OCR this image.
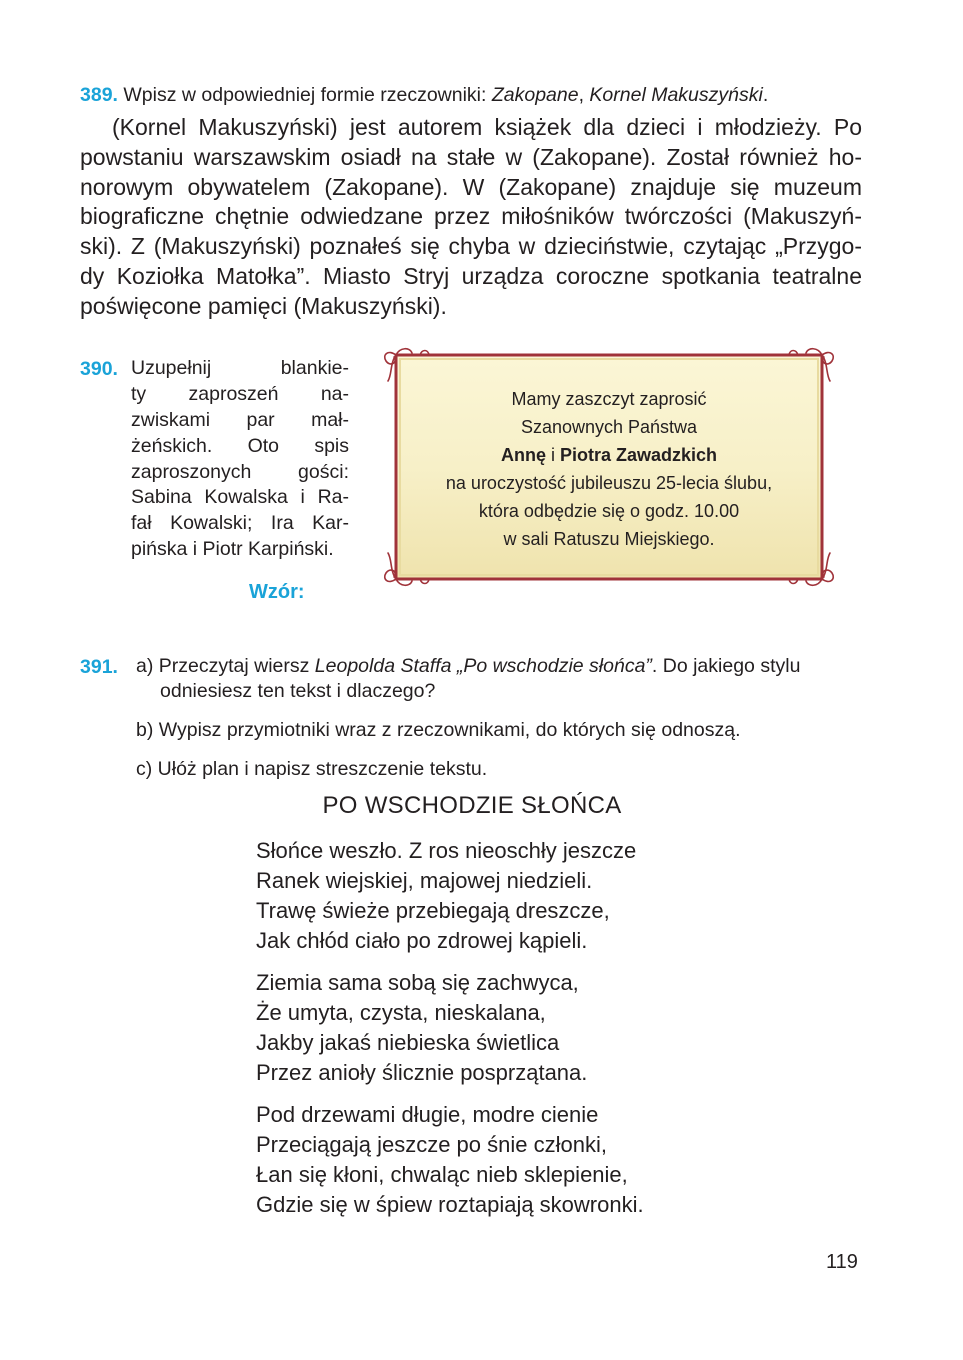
389. Wpisz w odpowiedniej formie rzeczowniki: Zakopane, Kornel Makuszyński.
(Kornel Makuszyński) jest autorem książek dla dzieci i młodzieży. Po
powstaniu warszawskim osiadł na stałe w (Zakopane). Został również ho-
norowym obywatelem (Zakopane). W (Zakopane) znajduje się muzeum
biograficzne chętnie odwiedzane przez miłośników twórczości (Makuszyń-
ski). Z (Makuszyński) poznałeś się chyba w dzieciństwie, czytając „Przygo-
dy Koziołka Matołka”. Miasto Stryj urządza coroczne spotkania teatralne
poświęcone pamięci (Makuszyński).
390. Uzupełnij blankie-
ty zaproszeń na-
zwiskami par mał-
żeńskich. Oto spis
zaproszonych gości:
Sabina Kowalska i Ra-
fał Kowalski; Ira Kar-
pińska i Piotr Karpiński.
Wzór:
Mamy zaszczyt zaprosić
Szanownych Państwa
Annę i Piotra Zawadzkich
na uroczystość jubileuszu 25-lecia ślubu,
która odbędzie się o godz. 10.00
w sali Ratuszu Miejskiego.
391. a) Przeczytaj wiersz Leopolda Staffa „Po wschodzie słońca”. Do jakiego stylu odniesiesz ten tekst i dlaczego?
b) Wypisz przymiotniki wraz z rzeczownikami, do których się odnoszą.
c) Ułóż plan i napisz streszczenie tekstu.
PO WSCHODZIE SŁOŃCA
Słońce weszło. Z ros nieoschły jeszcze
Ranek wiejskiej, majowej niedzieli.
Trawę świeże przebiegają dreszcze,
Jak chłód ciało po zdrowej kąpieli.
Ziemia sama sobą się zachwyca,
Że umyta, czysta, nieskalana,
Jakby jakaś niebieska świetlica
Przez anioły ślicznie posprzątana.
Pod drzewami długie, modre cienie
Przeciągają jeszcze po śnie członki,
Łan się kłoni, chwaląc nieb sklepienie,
Gdzie się w śpiew roztapiają skowronki.
119
